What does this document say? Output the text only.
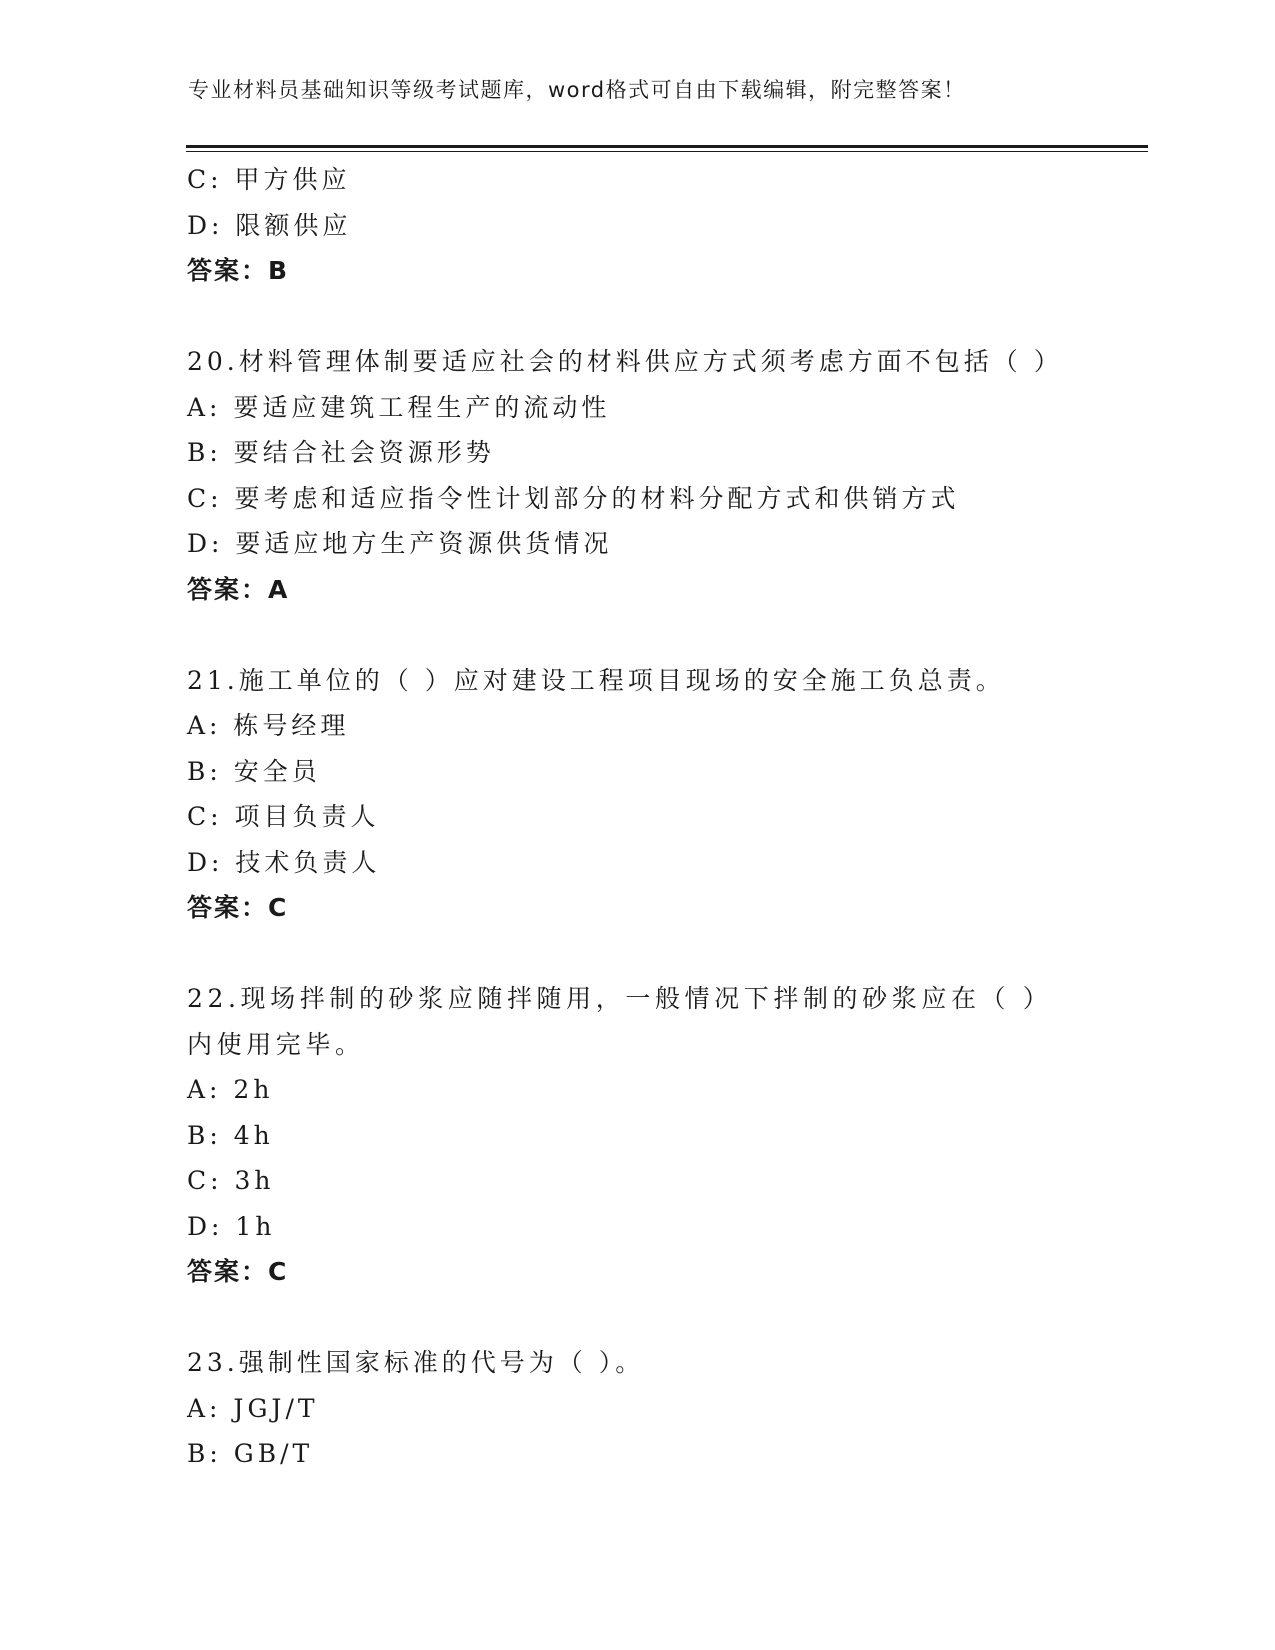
专业材料员基础知识等级考试题库，word格式可自由下载编辑，附完整答案！
C: 甲方供应
D: 限额供应
答案：B
20.材料管理体制要适应社会的材料供应方式须考虑方面不包括（ ）
A: 要适应建筑工程生产的流动性
B: 要结合社会资源形势
C: 要考虑和适应指令性计划部分的材料分配方式和供销方式
D: 要适应地方生产资源供货情况
答案：A
21.施工单位的（ ）应对建设工程项目现场的安全施工负总责。
A: 栋号经理
B: 安全员
C: 项目负责人
D: 技术负责人
答案：C
22.现场拌制的砂浆应随拌随用，一般情况下拌制的砂浆应在（ ）内使用完毕。
A: 2h
B: 4h
C: 3h
D: 1h
答案：C
23.强制性国家标准的代号为（ ）。
A: JGJ/T
B: GB/T
